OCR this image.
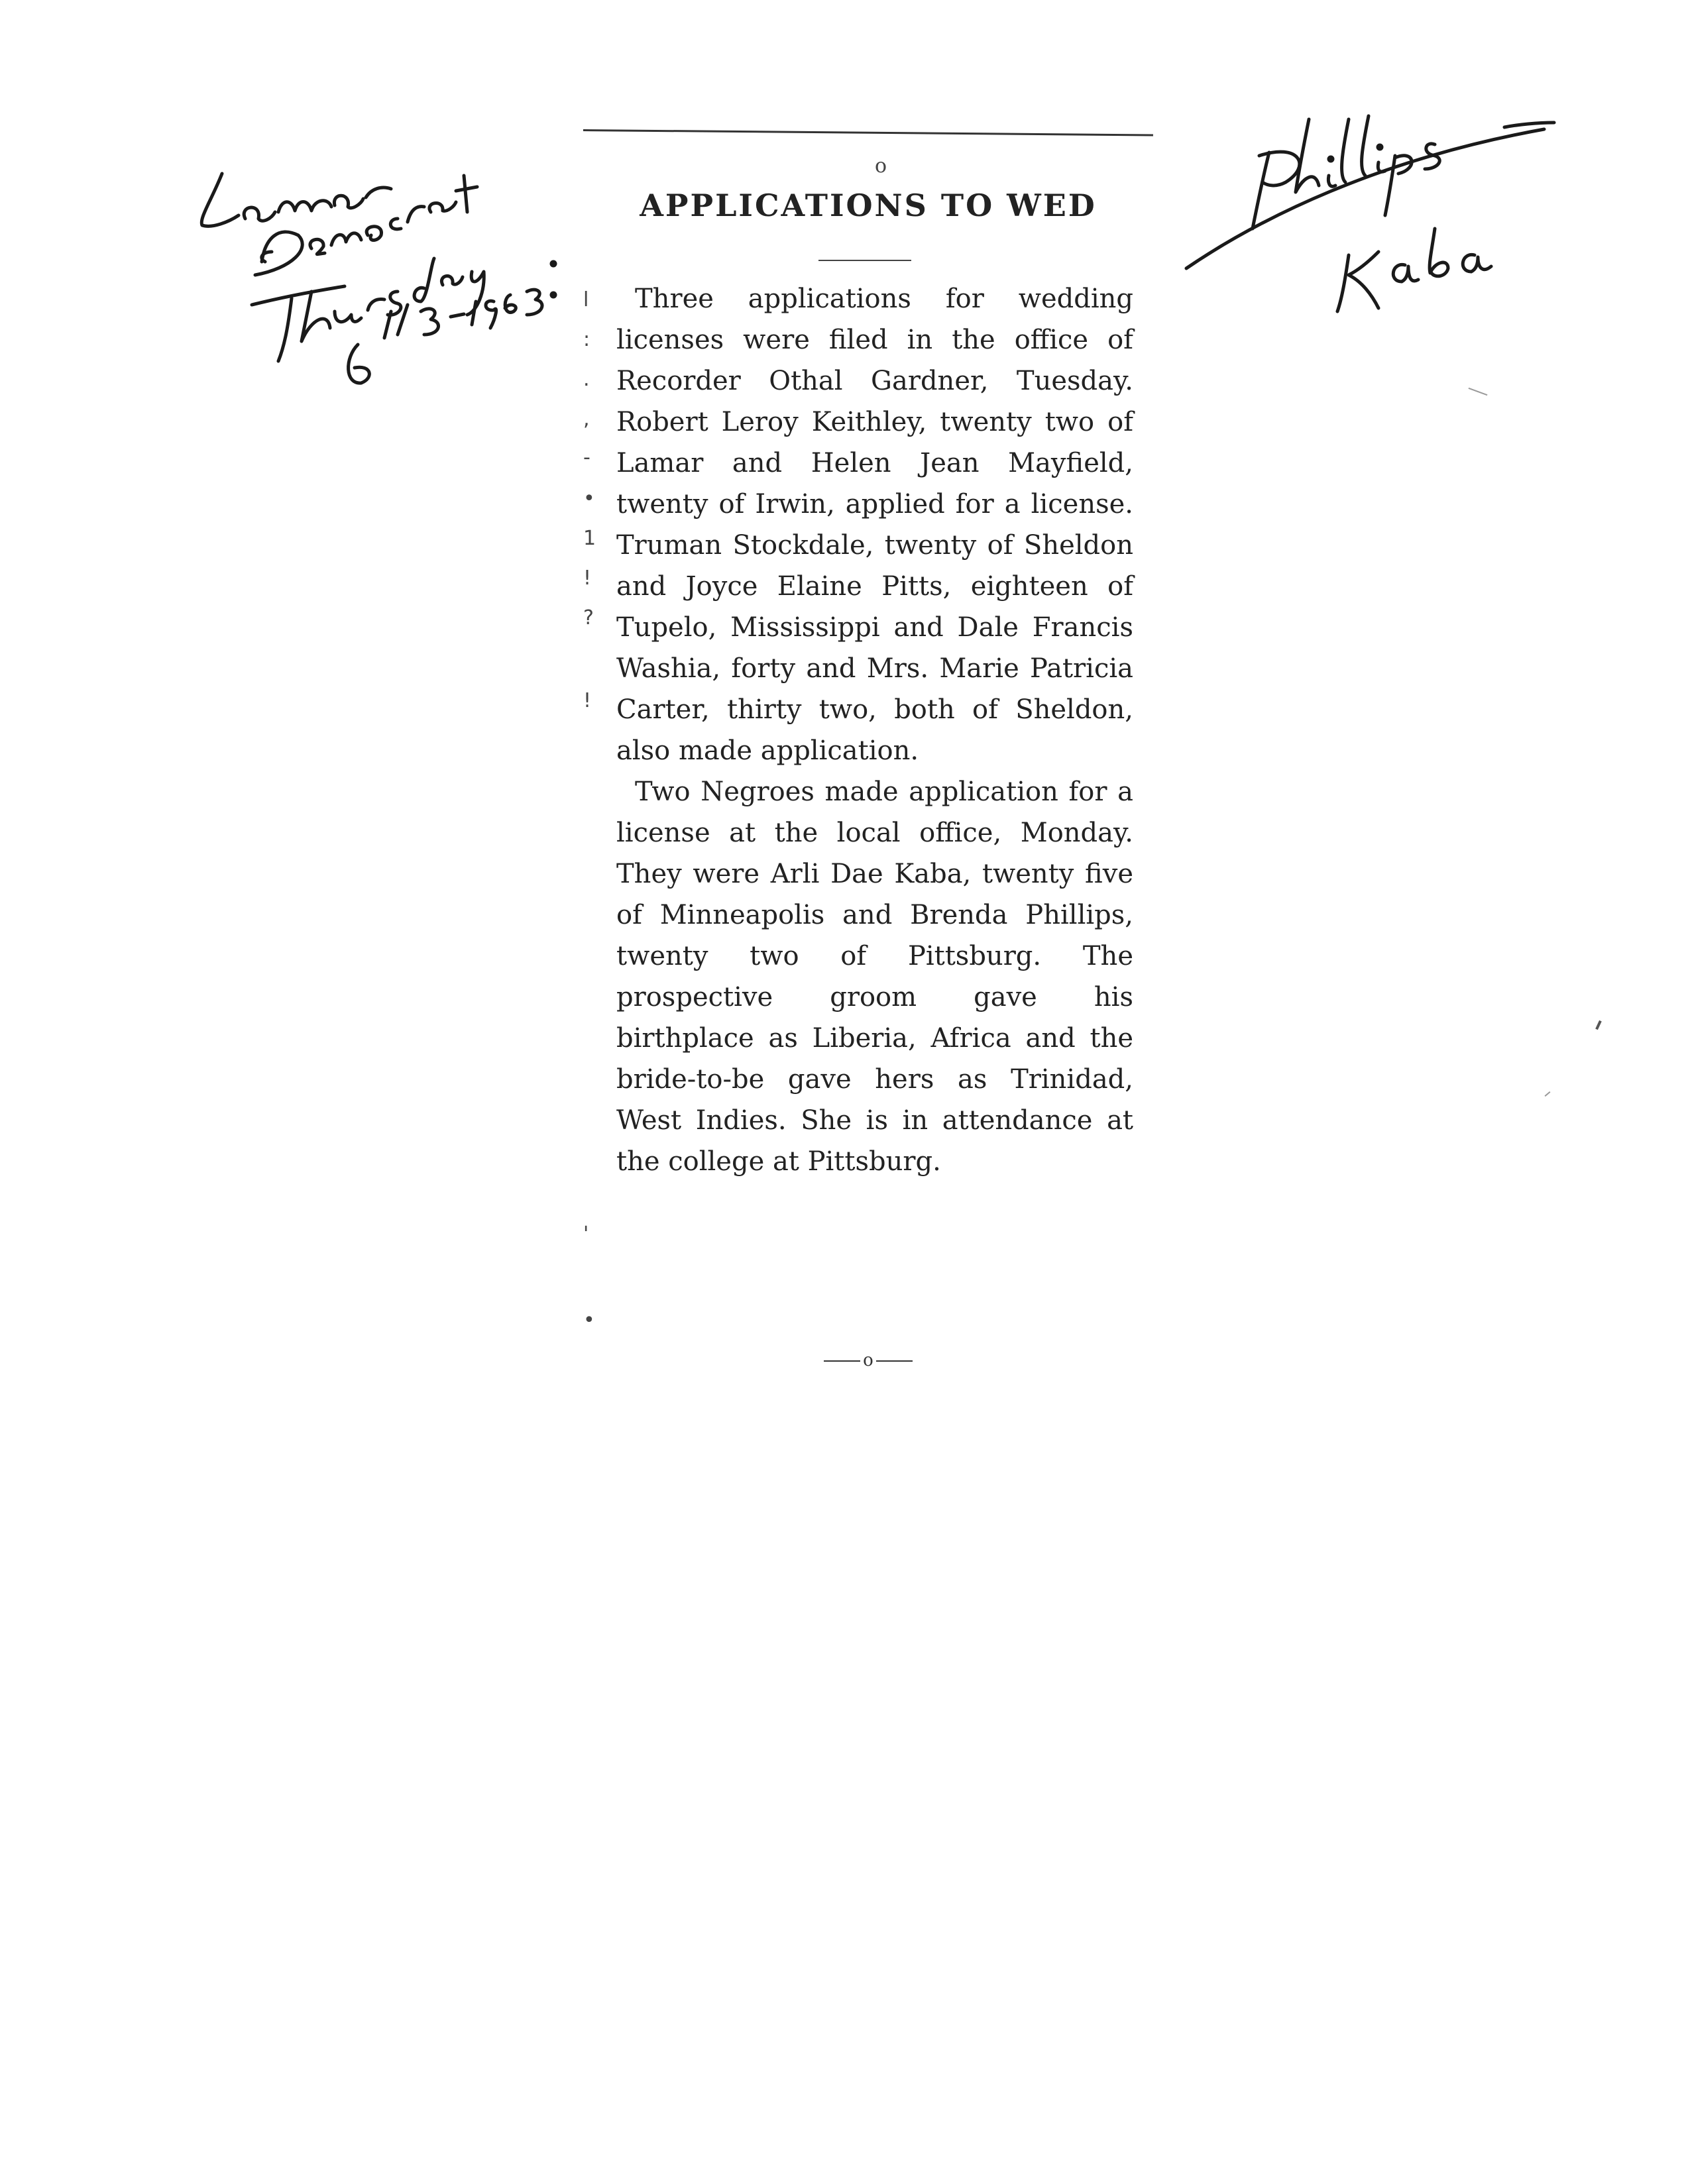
o
APPLICATIONS TO WED

Three applications for wedding licenses were filed in the office of Recorder Othal Gardner, Tuesday. Robert Leroy Keithley, twenty two of Lamar and Helen Jean Mayfield, twenty of Irwin, applied for a license. Truman Stockdale, twenty of Sheldon and Joyce Elaine Pitts, eighteen of Tupelo, Mississippi and Dale Francis Washia, forty and Mrs. Marie Patricia Carter, thirty two, both of Sheldon, also made application.

Two Negroes made application for a license at the local office, Monday. They were Arli Dae Kaba, twenty five of Minneapolis and Brenda Phillips, twenty two of Pittsburg. The prospective groom gave his birthplace as Liberia, Africa and the bride-to-be gave hers as Trinidad, West Indies. She is in attendance at the college at Pittsburg.

o
l
:
.
,
-
•
1
!
?
!
'
•
